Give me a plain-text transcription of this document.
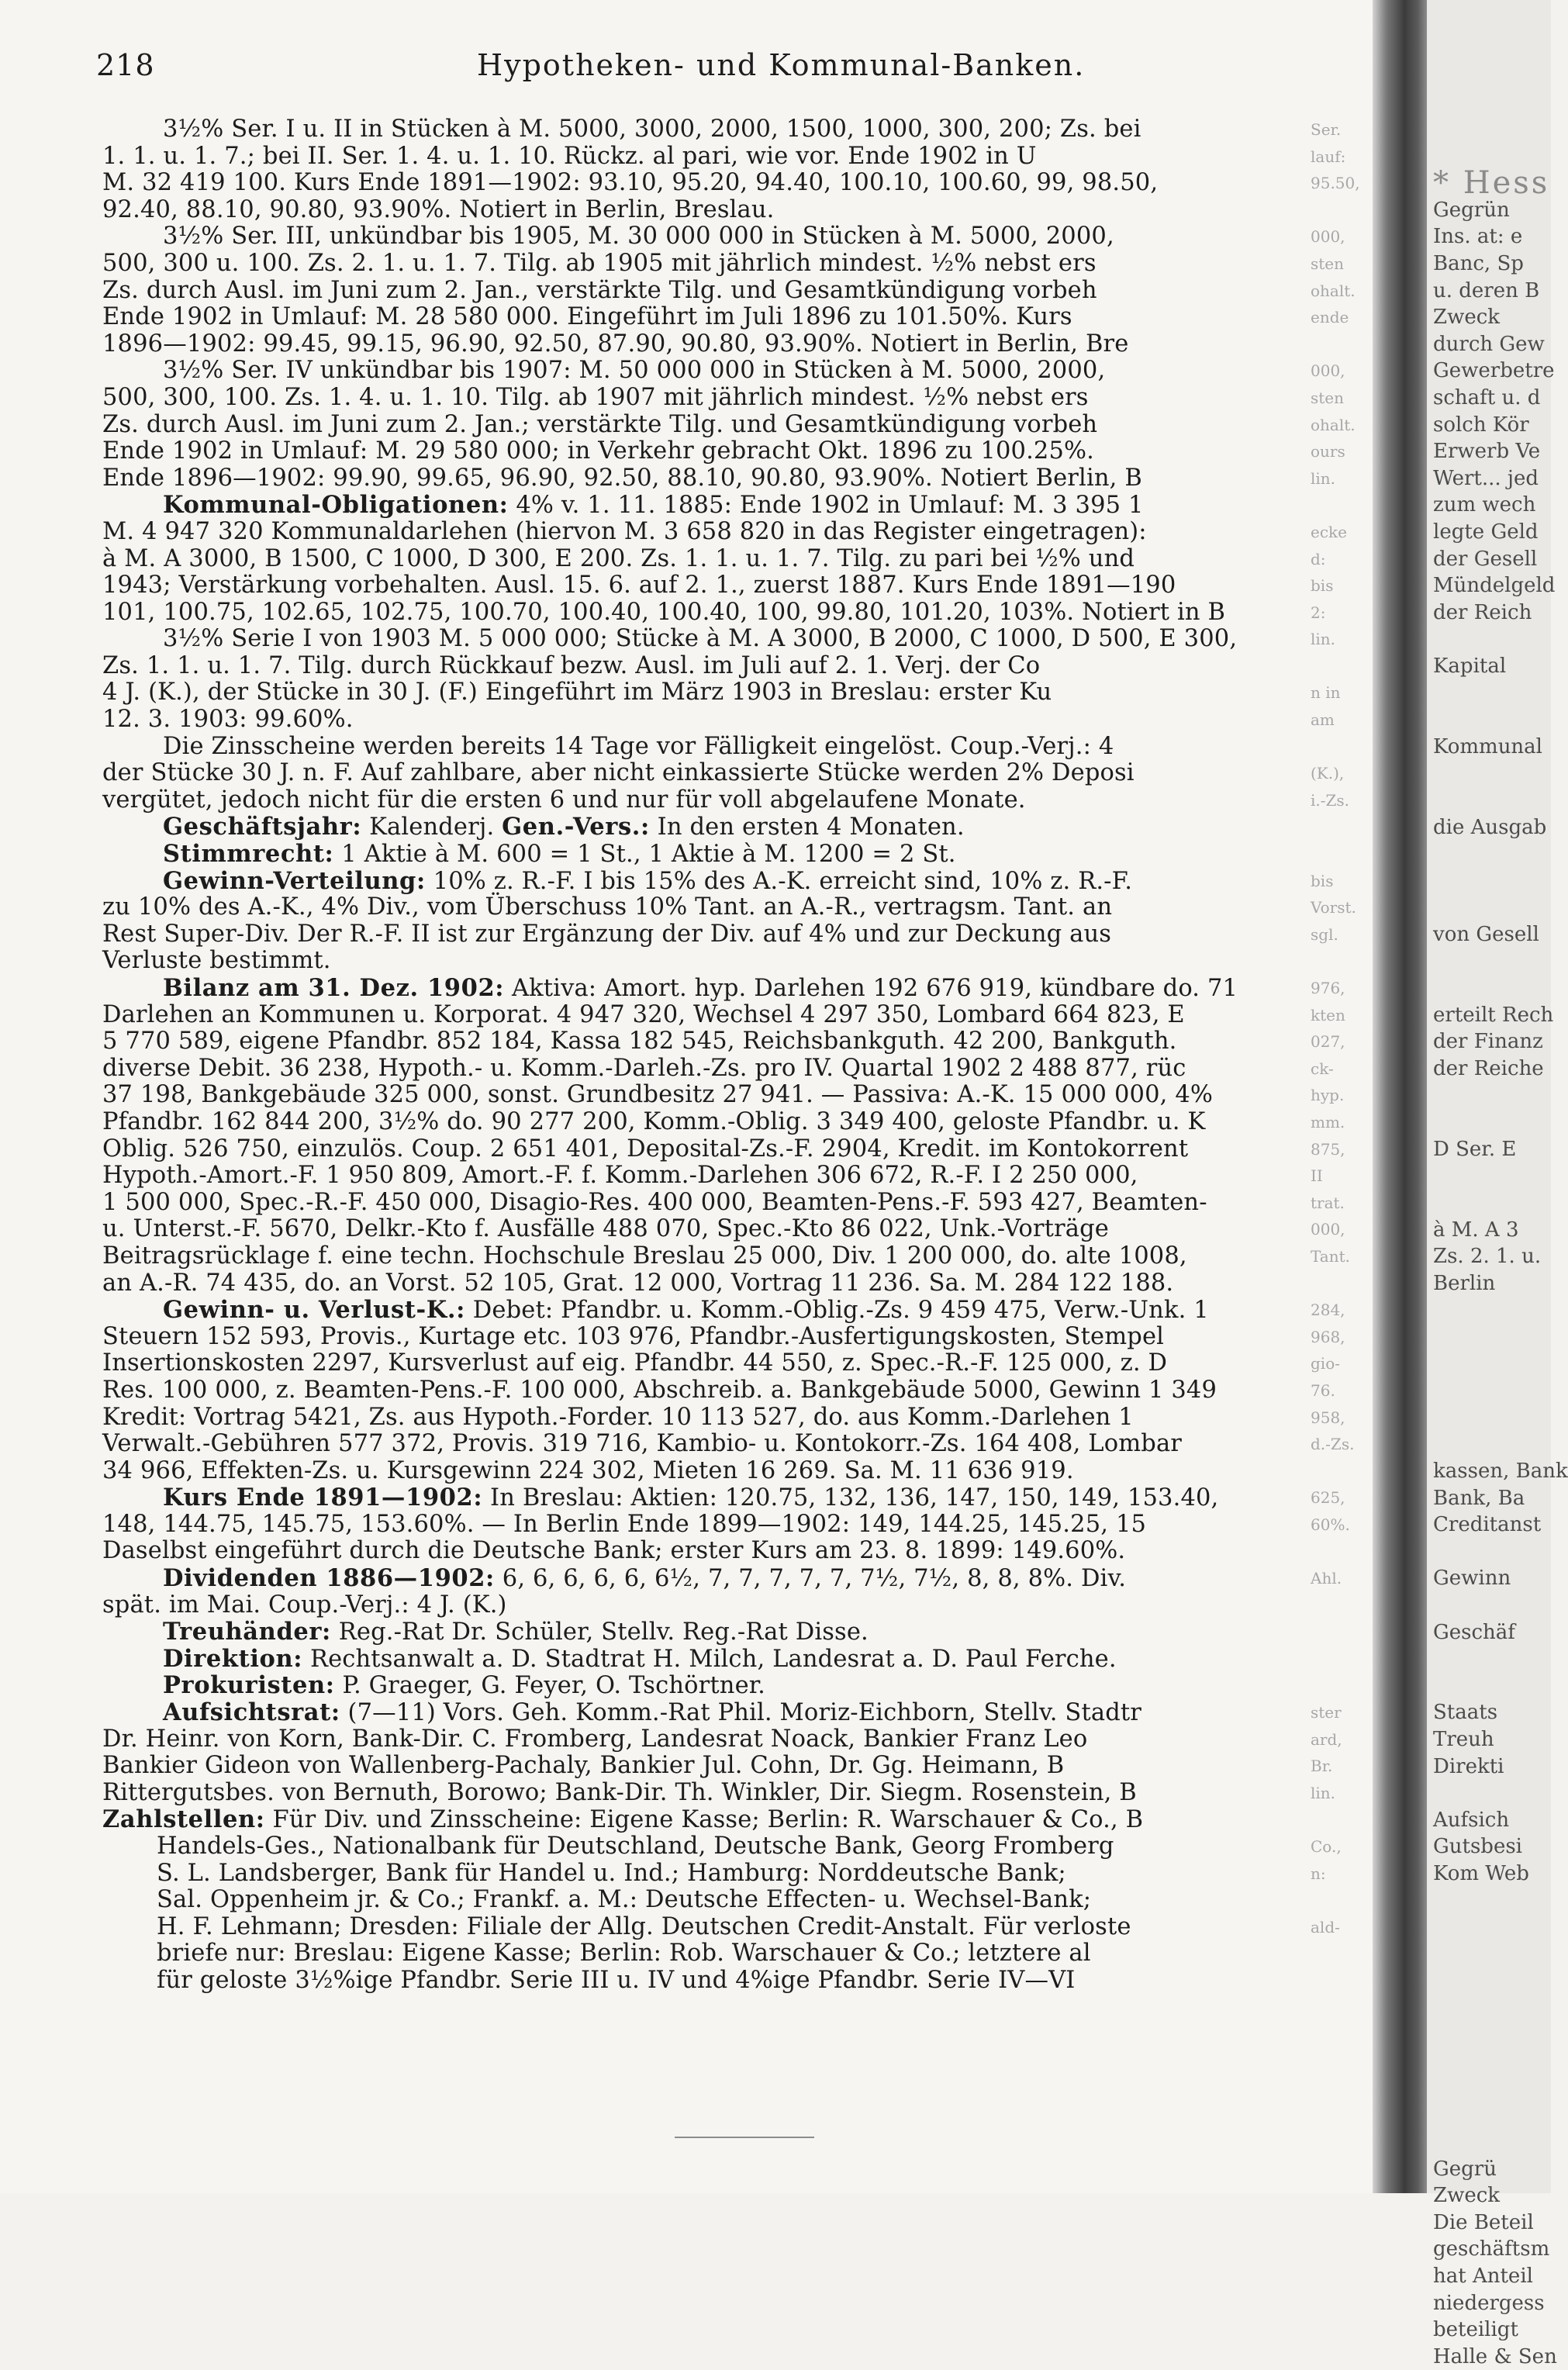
218	Hypotheken- und Kommunal-Banken.
3½% Ser. I u. II in Stücken à M. 5000, 3000, 2000, 1500, 1000, 300, 200; Zs. bei
1. 1. u. 1. 7.; bei II. Ser. 1. 4. u. 1. 10. Rückz. al pari, wie vor. Ende 1902 in U
M. 32 419 100. Kurs Ende 1891—1902: 93.10, 95.20, 94.40, 100.10, 100.60, 99, 98.50,
92.40, 88.10, 90.80, 93.90%. Notiert in Berlin, Breslau.
3½% Ser. III, unkündbar bis 1905, M. 30 000 000 in Stücken à M. 5000, 2000,
500, 300 u. 100. Zs. 2. 1. u. 1. 7. Tilg. ab 1905 mit jährlich mindest. ½% nebst ers
Zs. durch Ausl. im Juni zum 2. Jan., verstärkte Tilg. und Gesamtkündigung vorbeh
Ende 1902 in Umlauf: M. 28 580 000. Eingeführt im Juli 1896 zu 101.50%. Kurs
1896—1902: 99.45, 99.15, 96.90, 92.50, 87.90, 90.80, 93.90%. Notiert in Berlin, Bre
3½% Ser. IV unkündbar bis 1907: M. 50 000 000 in Stücken à M. 5000, 2000,
500, 300, 100. Zs. 1. 4. u. 1. 10. Tilg. ab 1907 mit jährlich mindest. ½% nebst ers
Zs. durch Ausl. im Juni zum 2. Jan.; verstärkte Tilg. und Gesamtkündigung vorbeh
Ende 1902 in Umlauf: M. 29 580 000; in Verkehr gebracht Okt. 1896 zu 100.25%.
Ende 1896—1902: 99.90, 99.65, 96.90, 92.50, 88.10, 90.80, 93.90%. Notiert Berlin, B
Kommunal-Obligationen: 4% v. 1. 11. 1885: Ende 1902 in Umlauf: M. 3 395 1
M. 4 947 320 Kommunaldarlehen (hiervon M. 3 658 820 in das Register eingetragen):
à M. A 3000, B 1500, C 1000, D 300, E 200. Zs. 1. 1. u. 1. 7. Tilg. zu pari bei ½% und
1943; Verstärkung vorbehalten. Ausl. 15. 6. auf 2. 1., zuerst 1887. Kurs Ende 1891—190
101, 100.75, 102.65, 102.75, 100.70, 100.40, 100.40, 100, 99.80, 101.20, 103%. Notiert in B
3½% Serie I von 1903 M. 5 000 000; Stücke à M. A 3000, B 2000, C 1000, D 500, E 300,
Zs. 1. 1. u. 1. 7. Tilg. durch Rückkauf bezw. Ausl. im Juli auf 2. 1. Verj. der Co
4 J. (K.), der Stücke in 30 J. (F.) Eingeführt im März 1903 in Breslau: erster Ku
12. 3. 1903: 99.60%.
Die Zinsscheine werden bereits 14 Tage vor Fälligkeit eingelöst. Coup.-Verj.: 4
der Stücke 30 J. n. F. Auf zahlbare, aber nicht einkassierte Stücke werden 2% Deposi
vergütet, jedoch nicht für die ersten 6 und nur für voll abgelaufene Monate.
Geschäftsjahr: Kalenderj. Gen.-Vers.: In den ersten 4 Monaten.
Stimmrecht: 1 Aktie à M. 600 = 1 St., 1 Aktie à M. 1200 = 2 St.
Gewinn-Verteilung: 10% z. R.-F. I bis 15% des A.-K. erreicht sind, 10% z. R.-F.
zu 10% des A.-K., 4% Div., vom Überschuss 10% Tant. an A.-R., vertragsm. Tant. an
Rest Super-Div. Der R.-F. II ist zur Ergänzung der Div. auf 4% und zur Deckung aus
Verluste bestimmt.
Bilanz am 31. Dez. 1902: Aktiva: Amort. hyp. Darlehen 192 676 919, kündbare do. 71
Darlehen an Kommunen u. Korporat. 4 947 320, Wechsel 4 297 350, Lombard 664 823, E
5 770 589, eigene Pfandbr. 852 184, Kassa 182 545, Reichsbankguth. 42 200, Bankguth.
diverse Debit. 36 238, Hypoth.- u. Komm.-Darleh.-Zs. pro IV. Quartal 1902 2 488 877, rüc
37 198, Bankgebäude 325 000, sonst. Grundbesitz 27 941. — Passiva: A.-K. 15 000 000, 4%
Pfandbr. 162 844 200, 3½% do. 90 277 200, Komm.-Oblig. 3 349 400, geloste Pfandbr. u. K
Oblig. 526 750, einzulös. Coup. 2 651 401, Deposital-Zs.-F. 2904, Kredit. im Kontokorrent
Hypoth.-Amort.-F. 1 950 809, Amort.-F. f. Komm.-Darlehen 306 672, R.-F. I 2 250 000,
1 500 000, Spec.-R.-F. 450 000, Disagio-Res. 400 000, Beamten-Pens.-F. 593 427, Beamten-
u. Unterst.-F. 5670, Delkr.-Kto f. Ausfälle 488 070, Spec.-Kto 86 022, Unk.-Vorträge
Beitragsrücklage f. eine techn. Hochschule Breslau 25 000, Div. 1 200 000, do. alte 1008,
an A.-R. 74 435, do. an Vorst. 52 105, Grat. 12 000, Vortrag 11 236. Sa. M. 284 122 188.
Gewinn- u. Verlust-K.: Debet: Pfandbr. u. Komm.-Oblig.-Zs. 9 459 475, Verw.-Unk. 1
Steuern 152 593, Provis., Kurtage etc. 103 976, Pfandbr.-Ausfertigungskosten, Stempel
Insertionskosten 2297, Kursverlust auf eig. Pfandbr. 44 550, z. Spec.-R.-F. 125 000, z. D
Res. 100 000, z. Beamten-Pens.-F. 100 000, Abschreib. a. Bankgebäude 5000, Gewinn 1 349
Kredit: Vortrag 5421, Zs. aus Hypoth.-Forder. 10 113 527, do. aus Komm.-Darlehen 1
Verwalt.-Gebühren 577 372, Provis. 319 716, Kambio- u. Kontokorr.-Zs. 164 408, Lombar
34 966, Effekten-Zs. u. Kursgewinn 224 302, Mieten 16 269. Sa. M. 11 636 919.
Kurs Ende 1891—1902: In Breslau: Aktien: 120.75, 132, 136, 147, 150, 149, 153.40,
148, 144.75, 145.75, 153.60%. — In Berlin Ende 1899—1902: 149, 144.25, 145.25, 15
Daselbst eingeführt durch die Deutsche Bank; erster Kurs am 23. 8. 1899: 149.60%.
Dividenden 1886—1902: 6, 6, 6, 6, 6, 6½, 7, 7, 7, 7, 7, 7½, 7½, 8, 8, 8%. Div.
spät. im Mai. Coup.-Verj.: 4 J. (K.)
Treuhänder: Reg.-Rat Dr. Schüler, Stellv. Reg.-Rat Disse.
Direktion: Rechtsanwalt a. D. Stadtrat H. Milch, Landesrat a. D. Paul Ferche.
Prokuristen: P. Graeger, G. Feyer, O. Tschörtner.
Aufsichtsrat: (7—11) Vors. Geh. Komm.-Rat Phil. Moriz-Eichborn, Stellv. Stadtr
Dr. Heinr. von Korn, Bank-Dir. C. Fromberg, Landesrat Noack, Bankier Franz Leo
Bankier Gideon von Wallenberg-Pachaly, Bankier Jul. Cohn, Dr. Gg. Heimann, B
Rittergutsbes. von Bernuth, Borowo; Bank-Dir. Th. Winkler, Dir. Siegm. Rosenstein, B
Zahlstellen: Für Div. und Zinsscheine: Eigene Kasse; Berlin: R. Warschauer & Co., B
Handels-Ges., Nationalbank für Deutschland, Deutsche Bank, Georg Fromberg
S. L. Landsberger, Bank für Handel u. Ind.; Hamburg: Norddeutsche Bank;
Sal. Oppenheim jr. & Co.; Frankf. a. M.: Deutsche Effecten- u. Wechsel-Bank;
H. F. Lehmann; Dresden: Filiale der Allg. Deutschen Credit-Anstalt. Für verloste
briefe nur: Breslau: Eigene Kasse; Berlin: Rob. Warschauer & Co.; letztere al
für geloste 3½%ige Pfandbr. Serie III u. IV und 4%ige Pfandbr. Serie IV—VI
Ser.
lauf:
95.50,
000,
sten
ohalt.
ende
000,
sten
ohalt.
ours
lin.
ecke
d:
bis
2:
lin.
n in
am
(K.),
i.-Zs.
bis
Vorst.
sgl.
976,
kten
027,
ck-
hyp.
mm.
875,
II
trat.
000,
Tant.
284,
968,
gio-
76.
958,
d.-Zs.
625,
60%.
Ahl.
ster
ard,
Br.
lin.
Co.,
n:
ald-
* Hess
Gegrün
Ins. at: e
Banc, Sp
u. deren B
Zweck
durch Gew
Gewerbetre
schaft u. d
solch Kör
Erwerb Ve
Wert... jed
zum wech
legte Geld
der Gesell
Mündelgeld
der Reich
Kapital
Kommunal
die Ausgab
von Gesell
erteilt Rech
der Finanz
der Reiche
D Ser. E
à M. A 3
Zs. 2. 1. u.
Berlin
kassen, Bank
Bank, Ba
Creditanst
Gewinn
Geschäf
Staats
Treuh
Direkti
Aufsich
Gutsbesi
Kom Web
Gegrü
Zweck
Die Beteil
geschäftsm
hat Anteil
niedergess
beteiligt
Halle & Sen
